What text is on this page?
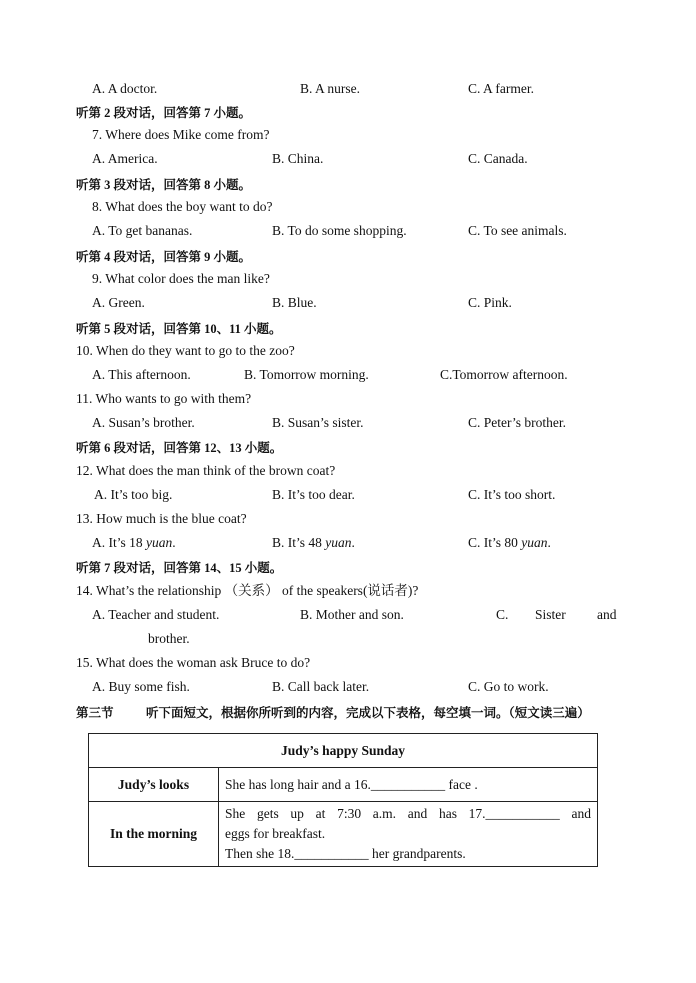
A. A doctor.	B. A nurse.	C. A farmer.
听第 2 段对话，回答第 7 小题。
7. Where does Mike come from?
A. America.	B. China.	C. Canada.
听第 3 段对话，回答第 8 小题。
8. What does the boy want to do?
A. To get bananas.	B. To do some shopping.	C. To see animals.
听第 4 段对话，回答第 9 小题。
9. What color does the man like?
A. Green.	B. Blue.	C. Pink.
听第 5 段对话，回答第 10、11 小题。
10. When do they want to go to the zoo?
A. This afternoon.	B. Tomorrow morning.	C.Tomorrow afternoon.
11. Who wants to go with them?
A. Susan’s brother.	B. Susan’s sister.	C. Peter’s brother.
听第 6 段对话，回答第 12、13 小题。
12. What does the man think of the brown coat?
A. It’s too big.	B. It’s too dear.	C. It’s too short.
13. How much is the blue coat?
A. It’s 18 yuan.	B. It’s 48 yuan.	C. It’s 80 yuan.
听第 7 段对话，回答第 14、15 小题。
14. What’s the relationship （关系） of the speakers(说话者)?
A. Teacher and student.	B. Mother and son.	C. Sister and
brother.
15. What does the woman ask Bruce to do?
A. Buy some fish.	B. Call back later.	C. Go to work.
第三节	听下面短文，根据你所听到的内容，完成以下表格，每空填一词。（短文读三遍）
Judy’s happy Sunday	
Judy’s looks	She has long hair and a 16.___________ face .
In the morning	She gets up at 7:30 a.m. and has 17.___________ and
eggs for breakfast.
Then she 18.___________ her grandparents.
